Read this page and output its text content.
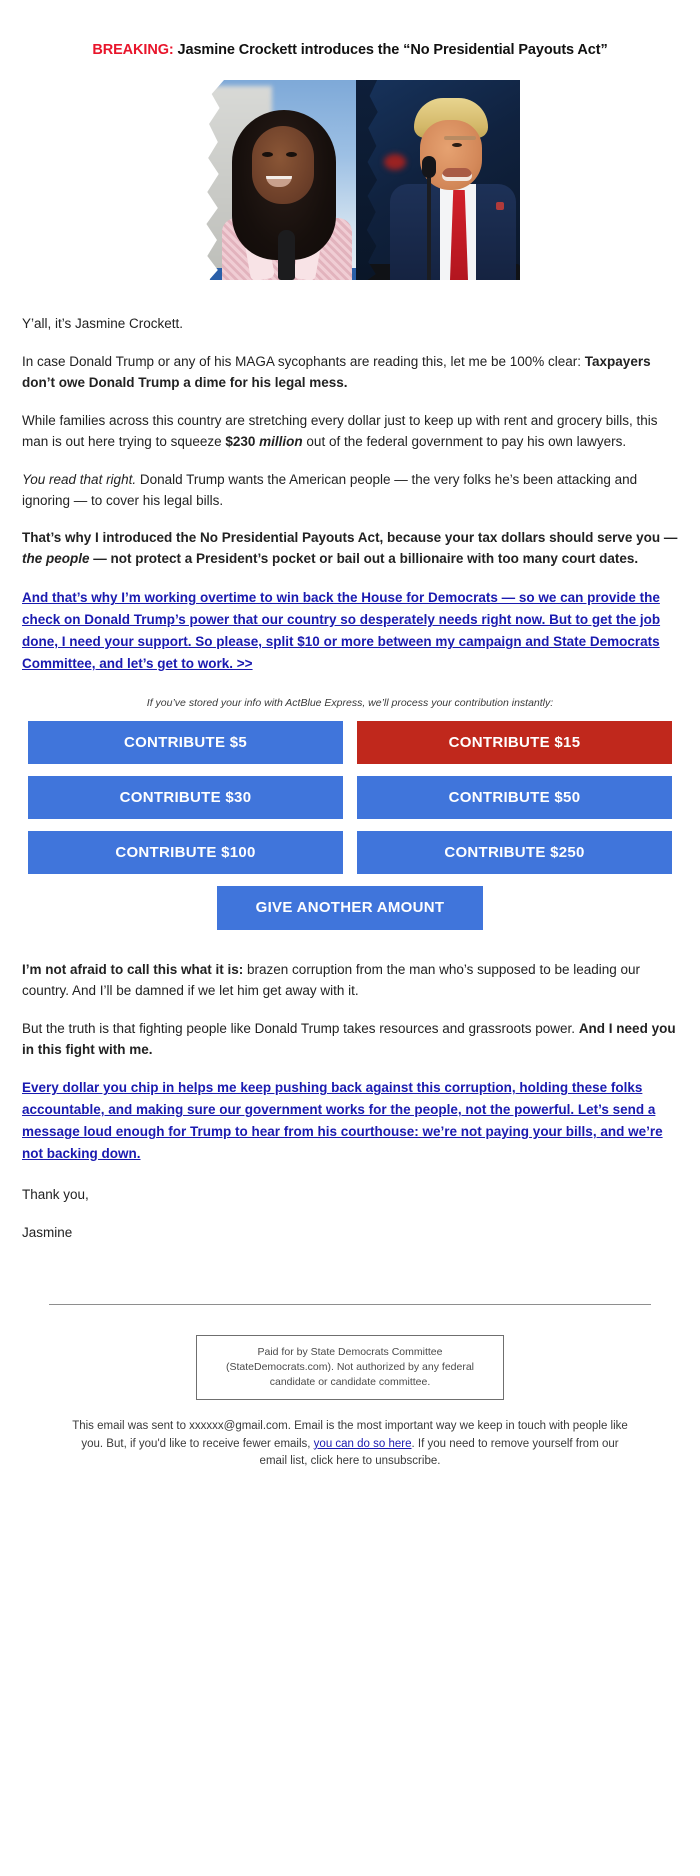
BREAKING: Jasmine Crockett introduces the “No Presidential Payouts Act”

Y’all, it’s Jasmine Crockett.

In case Donald Trump or any of his MAGA sycophants are reading this, let me be 100% clear: Taxpayers don’t owe Donald Trump a dime for his legal mess.

While families across this country are stretching every dollar just to keep up with rent and grocery bills, this man is out here trying to squeeze $230 million out of the federal government to pay his own lawyers.

You read that right. Donald Trump wants the American people — the very folks he’s been attacking and ignoring — to cover his legal bills.

That’s why I introduced the No Presidential Payouts Act, because your tax dollars should serve you — the people — not protect a President’s pocket or bail out a billionaire with too many court dates.

And that’s why I’m working overtime to win back the House for Democrats — so we can provide the check on Donald Trump’s power that our country so desperately needs right now. But to get the job done, I need your support. So please, split $10 or more between my campaign and State Democrats Committee, and let’s get to work. >>
If you’ve stored your info with ActBlue Express, we’ll process your contribution instantly:
CONTRIBUTE $5	CONTRIBUTE $15
CONTRIBUTE $30	CONTRIBUTE $50
CONTRIBUTE $100	CONTRIBUTE $250
GIVE ANOTHER AMOUNT

I’m not afraid to call this what it is: brazen corruption from the man who’s supposed to be leading our country. And I’ll be damned if we let him get away with it.

But the truth is that fighting people like Donald Trump takes resources and grassroots power. And I need you in this fight with me.

Every dollar you chip in helps me keep pushing back against this corruption, holding these folks accountable, and making sure our government works for the people, not the powerful. Let’s send a message loud enough for Trump to hear from his courthouse: we’re not paying your bills, and we’re not backing down.

Thank you,

Jasmine

Paid for by State Democrats Committee (StateDemocrats.com). Not authorized by any federal candidate or candidate committee.
This email was sent to xxxxxx@gmail.com. Email is the most important way we keep in touch with people like you. But, if you'd like to receive fewer emails, you can do so here. If you need to remove yourself from our email list, click here to unsubscribe.
